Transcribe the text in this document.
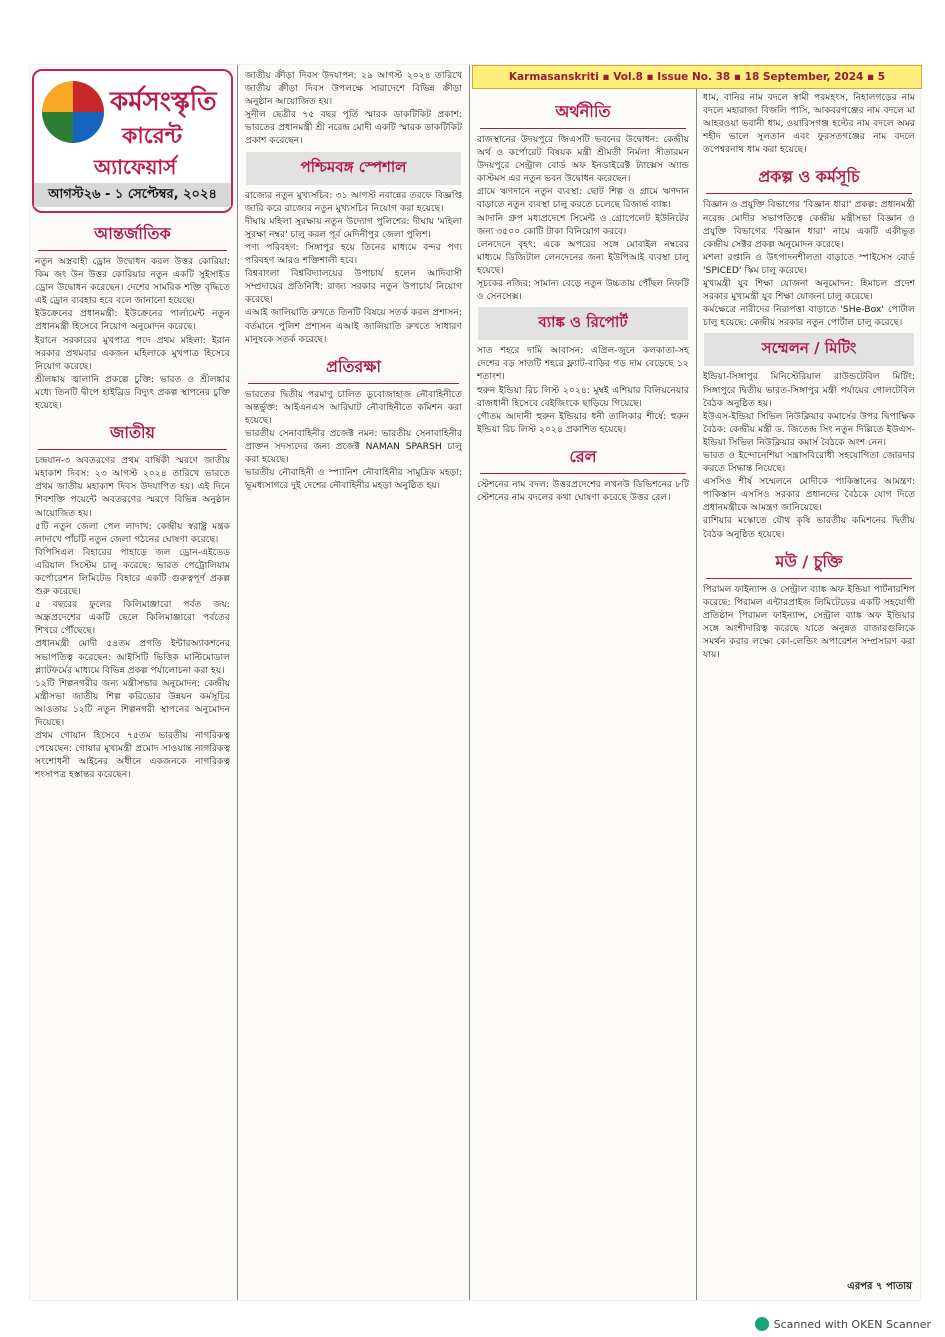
কর্মসংস্কৃতি
কারেন্ট
অ্যাফেয়ার্স
আগস্ট২৬ - ১ সেপ্টেম্বর, ২০২৪
আন্তর্জাতিক
নতুন অস্ত্রবাহী ড্রোন উদ্বোধন করল উত্তর কোরিয়া: কিম জং উন উত্তর কোরিয়ার নতুন একটি সুইসাইড ড্রোন উদ্বোধন করেছেন। দেশের সামরিক শক্তি বৃদ্ধিতে এই ড্রোন ব্যবহার হবে বলে জানানো হয়েছে।
ইউক্রেনের প্রধানমন্ত্রী: ইউক্রেনের পার্লামেন্ট নতুন প্রধানমন্ত্রী হিসেবে নিয়োগ অনুমোদন করেছে।
ইরানে সরকারের মুখপাত্র পদে প্রথম মহিলা: ইরান সরকার প্রথমবার একজন মহিলাকে মুখপাত্র হিসেবে নিয়োগ করেছে।
শ্রীলঙ্কায় জ্বালানি প্রকল্পে চুক্তি: ভারত ও শ্রীলঙ্কার মধ্যে তিনটি দ্বীপে হাইব্রিড বিদ্যুৎ প্রকল্প স্থাপনের চুক্তি হয়েছে।
জাতীয়
চন্দ্রযান-৩ অবতরণের প্রথম বার্ষিকী স্মরণে জাতীয় মহাকাশ দিবস: ২৩ আগস্ট ২০২৪ তারিখে ভারতে প্রথম জাতীয় মহাকাশ দিবস উদযাপিত হয়। এই দিনে শিবশক্তি পয়েন্টে অবতরণের স্মরণে বিভিন্ন অনুষ্ঠান আয়োজিত হয়।
৫টি নতুন জেলা পেল লাদাখ: কেন্দ্রীয় স্বরাষ্ট্র মন্ত্রক লাদাখে পাঁচটি নতুন জেলা গঠনের ঘোষণা করেছে।
বিপিসিএল বিহারের পাহাড়ে জল ড্রোন-এইডেড এরিয়াল সিস্টেম চালু করেছে: ভারত পেট্রোলিয়াম কর্পোরেশন লিমিটেড বিহারে একটি গুরুত্বপূর্ণ প্রকল্প শুরু করেছে।
৫ বছরের ফুলের কিলিমাঞ্জারো পর্বত জয়: অন্ধ্রপ্রদেশের একটি ছেলে কিলিমাঞ্জারো পর্বতের শিখরে পৌঁছেছে।
প্রধানমন্ত্রী মোদী ৫৪তম প্রগতি ইন্টারঅ্যাকশনের সভাপতিত্ব করেছেন: আইসিটি ভিত্তিক মাল্টিমোডাল প্ল্যাটফর্মের মাধ্যমে বিভিন্ন প্রকল্প পর্যালোচনা করা হয়।
১২টি শিল্পনগরীর জন্য মন্ত্রীসভার অনুমোদন: কেন্দ্রীয় মন্ত্রীসভা জাতীয় শিল্প করিডোর উন্নয়ন কর্মসূচির আওতায় ১২টি নতুন শিল্পনগরী স্থাপনের অনুমোদন দিয়েছে।
প্রথম গোয়ান হিসেবে ৭৫তম ভারতীয় নাগরিকত্ব পেয়েছেন: গোয়ার মুখ্যমন্ত্রী প্রমোদ সাওয়ান্ত নাগরিকত্ব সংশোধনী আইনের অধীনে একজনকে নাগরিকত্ব শংসাপত্র হস্তান্তর করেছেন।
জাতীয় ক্রীড়া দিবস উদযাপন: ২৯ আগস্ট ২০২৪ তারিখে জাতীয় ক্রীড়া দিবস উপলক্ষে সারাদেশে বিভিন্ন ক্রীড়া অনুষ্ঠান আয়োজিত হয়।
সুনীল ছেত্রীর ৭৫ বছর পূর্তি স্মারক ডাকটিকিট প্রকাশ: ভারতের প্রধানমন্ত্রী শ্রী নরেন্দ্র মোদী একটি স্মারক ডাকটিকিট প্রকাশ করেছেন।
পশ্চিমবঙ্গ স্পেশাল
রাজ্যের নতুন মুখ্যসচিব: ৩১ আগস্ট নবান্নের তরফে বিজ্ঞপ্তি জারি করে রাজ্যের নতুন মুখ্যসচিব নিয়োগ করা হয়েছে।
দীঘায় মহিলা সুরক্ষায় নতুন উদ্যোগ পুলিশের: দীঘায় 'মহিলা সুরক্ষা নম্বর' চালু করল পূর্ব মেদিনীপুর জেলা পুলিশ।
পণ্য পরিবহণ: সিঙ্গাপুর হয়ে তিনের মাধ্যমে বন্দর পণ্য পরিবহণ আরও শক্তিশালী হবে।
বিশ্ববাংলা বিশ্ববিদ্যালয়ের উপাচার্য হলেন আদিবাসী সম্প্রদায়ের প্রতিনিধি: রাজ্য সরকার নতুন উপাচার্য নিয়োগ করেছে।
এআই জালিয়াতি রুখতে তিনটি বিষয়ে সতর্ক করল প্রশাসন: বর্তমানে পুলিশ প্রশাসন এআই জালিয়াতি রুখতে সাধারণ মানুষকে সতর্ক করেছে।
প্রতিরক্ষা
ভারতের দ্বিতীয় পরমাণু চালিত ডুবোজাহাজ নৌবাহিনীতে অন্তর্ভুক্ত: আইএনএস আরিঘাট নৌবাহিনীতে কমিশন করা হয়েছে।
ভারতীয় সেনাবাহিনীর প্রজেক্ট নমন: ভারতীয় সেনাবাহিনীর প্রাক্তন সদস্যদের জন্য প্রজেক্ট NAMAN SPARSH চালু করা হয়েছে।
ভারতীয় নৌবাহিনী ও স্প্যানিশ নৌবাহিনীর সামুদ্রিক মহড়া: ভূমধ্যসাগরে দুই দেশের নৌবাহিনীর মহড়া অনুষ্ঠিত হয়।
অর্থনীতি
রাজস্থানের উদয়পুরে জিএসটি ভবনের উদ্বোধন: কেন্দ্রীয় অর্থ ও কর্পোরেট বিষয়ক মন্ত্রী শ্রীমতী নির্মলা সীতারমন উদয়পুরে সেন্ট্রাল বোর্ড অফ ইনডাইরেক্ট ট্যাক্সেস অ্যান্ড কাস্টমস এর নতুন ভবন উদ্বোধন করেছেন।
গ্রামে ঋণদানে নতুন ব্যবস্থা: ছোট শিল্প ও গ্রামে ঋণদান বাড়াতে নতুন ব্যবস্থা চালু করতে চলেছে রিজার্ভ ব্যাঙ্ক।
আদানি গ্রুপ মধ্যপ্রদেশে সিমেন্ট ও গ্রোপেলেট ইউনিটের জন্য ৩৫০০ কোটি টাকা বিনিয়োগ করবে।
লেনদেনে বৃহৎ: একে অপরের সঙ্গে মোবাইল নম্বরের মাধ্যমে ডিজিটাল লেনদেনের জন্য ইউপিআই ব্যবস্থা চালু হয়েছে।
সূচকের নজির: সামান্য বেড়ে নতুন উচ্চতায় পৌঁছল নিফটি ও সেনসেক্স।
ব্যাঙ্ক ও রিপোর্ট
সাত শহরে দামি আবাসন: এপ্রিল-জুনে কলকাতা-সহ দেশের বড় সাতটি শহরে ফ্ল্যাট-বাড়ির গড় দাম বেড়েছে ১২ শতাংশ।
হুরুন ইন্ডিয়া রিচ লিস্ট ২০২৪: মুম্বই এশিয়ার বিলিয়নেয়ার রাজধানী হিসেবে বেইজিংকে ছাড়িয়ে গিয়েছে।
গৌতম আদানী হুরুন ইন্ডিয়ার ধনী তালিকার শীর্ষে: হুরুন ইন্ডিয়া রিচ লিস্ট ২০২৪ প্রকাশিত হয়েছে।
রেল
স্টেশনের নাম বদল: উত্তরপ্রদেশের লখনউ ডিভিশনের ৮টি স্টেশনের নাম বদলের কথা ঘোষণা করেছে উত্তর রেল।
ধাম, বানির নাম বদলে স্বামী পরমহংস, নিহালগড়ের নাম বদলে মহারাজা বিজলি পাসি, আকবরগঞ্জের নাম বদলে মা আহরওয়া ভবানী ধাম, ওয়ারিসগঞ্জ হল্টের নাম বদলে অমর শহীদ ভালে সুলতান এবং ফুরসতগঞ্জের নাম বদলে তপেশ্বরনাথ ধাম করা হয়েছে।
প্রকল্প ও কর্মসূচি
বিজ্ঞান ও প্রযুক্তি বিভাগের 'বিজ্ঞান ধারা' প্রকল্প: প্রধানমন্ত্রী নরেন্দ্র মোদীর সভাপতিত্বে কেন্দ্রীয় মন্ত্রীসভা বিজ্ঞান ও প্রযুক্তি বিভাগের 'বিজ্ঞান ধারা' নামে একটি একীভূত কেন্দ্রীয় সেক্টর প্রকল্প অনুমোদন করেছে।
মশলা রপ্তানি ও উৎপাদনশীলতা বাড়াতে স্পাইসেস বোর্ড 'SPICED' স্কিম চালু করেছে।
মুখ্যমন্ত্রী যুব শিক্ষা যোজনা অনুমোদন: হিমাচল প্রদেশ সরকার মুখ্যমন্ত্রী যুব শিক্ষা যোজনা চালু করেছে।
কর্মক্ষেত্রে নারীদের নিরাপত্তা বাড়াতে 'SHe-Box' পোর্টাল চালু হয়েছে: কেন্দ্রীয় সরকার নতুন পোর্টাল চালু করেছে।
সম্মেলন / মিটিং
ইন্ডিয়া-সিঙ্গাপুর মিনিস্টেরিয়াল রাউন্ডটেবিল মিটিং: সিঙ্গাপুরে দ্বিতীয় ভারত-সিঙ্গাপুর মন্ত্রী পর্যায়ের গোলটেবিল বৈঠক অনুষ্ঠিত হয়।
ইউএস-ইন্ডিয়া সিভিল নিউক্লিয়ার কমার্সের উপর দ্বিপাক্ষিক বৈঠক: কেন্দ্রীয় মন্ত্রী ড. জিতেন্দ্র সিং নতুন দিল্লিতে ইউএস-ইন্ডিয়া সিভিল নিউক্লিয়ার কমার্স বৈঠকে অংশ নেন।
ভারত ও ইন্দোনেশিয়া সন্ত্রাসবিরোধী সহযোগিতা জোরদার করতে সিদ্ধান্ত নিয়েছে।
এসসিও শীর্ষ সম্মেলনে মোদীকে পাকিস্তানের আমন্ত্রণ: পাকিস্তান এসসিও সরকার প্রধানদের বৈঠকে যোগ দিতে প্রধানমন্ত্রীকে আমন্ত্রণ জানিয়েছে।
রাশিয়ার মস্কোতে যৌথ কৃষি ভারতীয় কমিশনের দ্বিতীয় বৈঠক অনুষ্ঠিত হয়েছে।
মউ / চুক্তি
পিরামল ফাইন্যান্স ও সেন্ট্রাল ব্যাঙ্ক অফ ইন্ডিয়া পার্টনারশিপ করেছে: পিরামল এন্টারপ্রাইজ লিমিটেডের একটি সহযোগী প্রতিষ্ঠান পিরামল ফাইন্যান্স, সেন্ট্রাল ব্যাঙ্ক অফ ইন্ডিয়ার সঙ্গে অংশীদারিত্ব করেছে যাতে অনুন্নত বাজারগুলিকে সমর্থন করার লক্ষ্যে কো-লেন্ডিং অপারেশন সম্প্রসারণ করা যায়।
এরপর ৭ পাতায়
Karmasanskriti ▪ Vol.8 ▪ Issue No. 38 ▪ 18 September, 2024 ▪ 5
Scanned with OKEN Scanner
